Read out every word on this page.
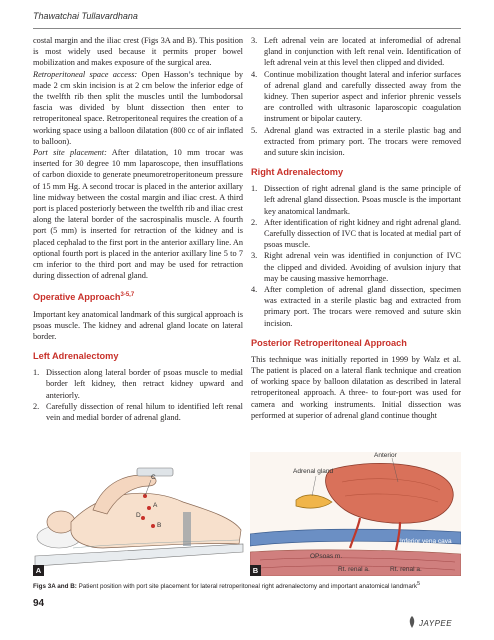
Thawatchai Tullavardhana

costal margin and the iliac crest (Figs 3A and B). This position is most widely used because it permits proper bowel mobilization and makes exposure of the surgical area.

Retroperitoneal space access: Open Hasson’s technique by made 2 cm skin incision is at 2 cm below the inferior edge of the twelfth rib then split the muscles until the lumbodorsal fascia was divided by blunt dissection then enter to retroperitoneal space. Retroperitoneal requires the creation of a working space using a balloon dilatation (800 cc of air inflated to balloon).

Port site placement: After dilatation, 10 mm trocar was inserted for 30 degree 10 mm laparoscope, then insufflations of carbon dioxide to generate pneumoretroperitoneum pressure of 15 mm Hg. A second trocar is placed in the anterior axillary line midway between the costal margin and iliac crest. A third port is placed posteriorly between the twelfth rib and iliac crest along the lateral border of the sacrospinalis muscle. A fourth port (5 mm) is inserted for retraction of the kidney and is placed cephalad to the first port in the anterior axillary line. An optional fourth port is placed in the anterior axillary line 5 to 7 cm inferior to the third port and may be used for retraction during dissection of adrenal gland.

Operative Approach$^{3-5,7}$

Important key anatomical landmark of this surgical approach is psoas muscle. The kidney and adrenal gland locate on lateral border.

Left Adrenalectomy
1. Dissection along lateral border of psoas muscle to medial border left kidney, then retract kidney upward and anteriorly.
2. Carefully dissection of renal hilum to identified left renal vein and medial border of adrenal gland.
3. Left adrenal vein are located at inferomedial of adrenal gland in conjunction with left renal vein. Identification of left adrenal vein at this level then clipped and divided.
4. Continue mobilization thought lateral and inferior surfaces of adrenal gland and carefully dissected away from the kidney. Then superior aspect and inferior phrenic vessels are controlled with ultrasonic laparoscopic coagulation instrument or bipolar cautery.
5. Adrenal gland was extracted in a sterile plastic bag and extracted from primary port. The trocars were removed and suture skin incision.
Right Adrenalectomy
1. Dissection of right adrenal gland is the same principle of left adrenal gland dissection. Psoas muscle is the important key anatomical landmark.
2. After identification of right kidney and right adrenal gland. Carefully dissection of IVC that is located at medial part of psoas muscle.
3. Right adrenal vein was identified in conjunction of IVC the clipped and divided. Avoiding of avulsion injury that may be causing massive hemorrhage.
4. After completion of adrenal gland dissection, specimen was extracted in a sterile plastic bag and extracted from primary port. The trocars were removed and suture skin incision.
Posterior Retroperitoneal Approach

This technique was initially reported in 1999 by Walz et al. The patient is placed on a lateral flank technique and creation of working space by balloon dilatation as described in lateral retroperitoneal approach. A three- to four-port was used for camera and working instruments. Initial dissection was performed at superior of adrenal gland continue thought

C
A
D
B
A
Anterior
Adrenal gland
Inferior vena cava
OPsoas m.
Rt. renal a.	Rt. renal a.
B
Figs 3A and B: Patient position with port site placement for lateral retroperitoneal right adrenalectomy and important anatomical landmark$^5$
94
JAYPEE
